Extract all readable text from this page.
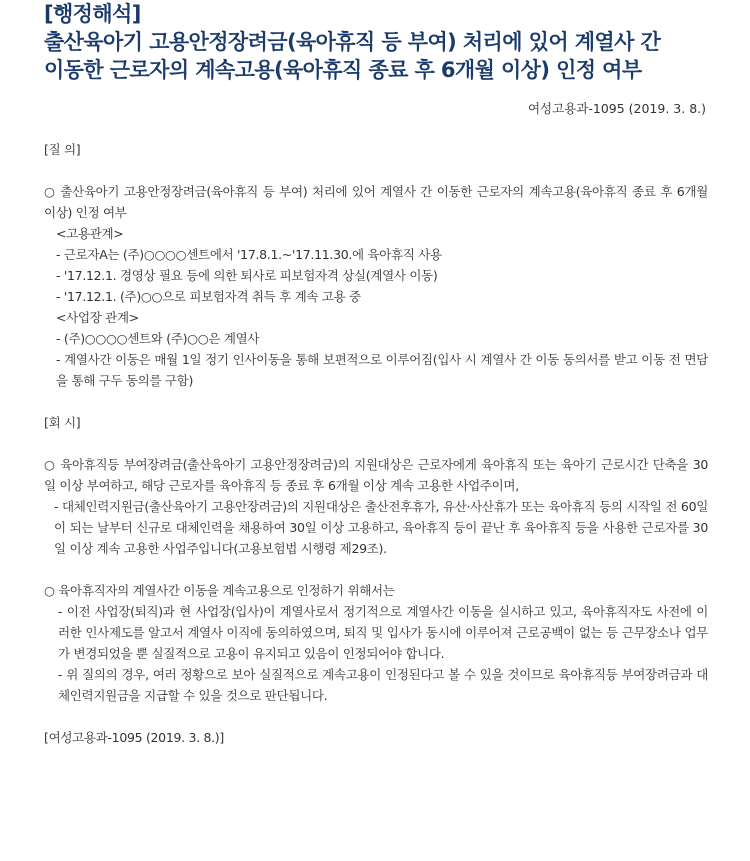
[행정해석]
출산육아기 고용안정장려금(육아휴직 등 부여) 처리에 있어 계열사 간
이동한 근로자의 계속고용(육아휴직 종료 후 6개월 이상) 인정 여부
여성고용과-1095 (2019. 3. 8.)

[질 의]

○ 출산육아기 고용안정장려금(육아휴직 등 부여) 처리에 있어 계열사 간 이동한 근로자의 계속고용(육아휴직 종료 후 6개월 이상) 인정 여부

<고용관계>

- 근로자A는 (주)○○○○센트에서 '17.8.1.~'17.11.30.에 육아휴직 사용

- '17.12.1. 경영상 필요 등에 의한 퇴사로 피보험자격 상실(계열사 이동)

- '17.12.1. (주)○○으로 피보험자격 취득 후 계속 고용 중

<사업장 관계>

- (주)○○○○센트와 (주)○○은 계열사

- 계열사간 이동은 매월 1일 정기 인사이동을 통해 보편적으로 이루어짐(입사 시 계열사 간 이동 동의서를 받고 이동 전 면담을 통해 구두 동의를 구함)

[회 시]

○ 육아휴직등 부여장려금(출산육아기 고용안정장려금)의 지원대상은 근로자에게 육아휴직 또는 육아기 근로시간 단축을 30일 이상 부여하고, 해당 근로자를 육아휴직 등 종료 후 6개월 이상 계속 고용한 사업주이며,

- 대체인력지원금(출산육아기 고용안장려금)의 지원대상은 출산전후휴가, 유산·사산휴가 또는 육아휴직 등의 시작일 전 60일이 되는 날부터 신규로 대체인력을 채용하여 30일 이상 고용하고, 육아휴직 등이 끝난 후 육아휴직 등을 사용한 근로자를 30일 이상 계속 고용한 사업주입니다(고용보험법 시행령 제29조).

○ 육아휴직자의 계열사간 이동을 계속고용으로 인정하기 위해서는

- 이전 사업장(퇴직)과 현 사업장(입사)이 계열사로서 정기적으로 계열사간 이동을 실시하고 있고, 육아휴직자도 사전에 이러한 인사제도를 알고서 계열사 이직에 동의하였으며, 퇴직 및 입사가 동시에 이루어져 근로공백이 없는 등 근무장소나 업무가 변경되었을 뿐 실질적으로 고용이 유지되고 있음이 인정되어야 합니다.

- 위 질의의 경우, 여러 정황으로 보아 실질적으로 계속고용이 인정된다고 볼 수 있을 것이므로 육아휴직등 부여장려금과 대체인력지원금을 지급할 수 있을 것으로 판단됩니다.

[여성고용과-1095 (2019. 3. 8.)]
